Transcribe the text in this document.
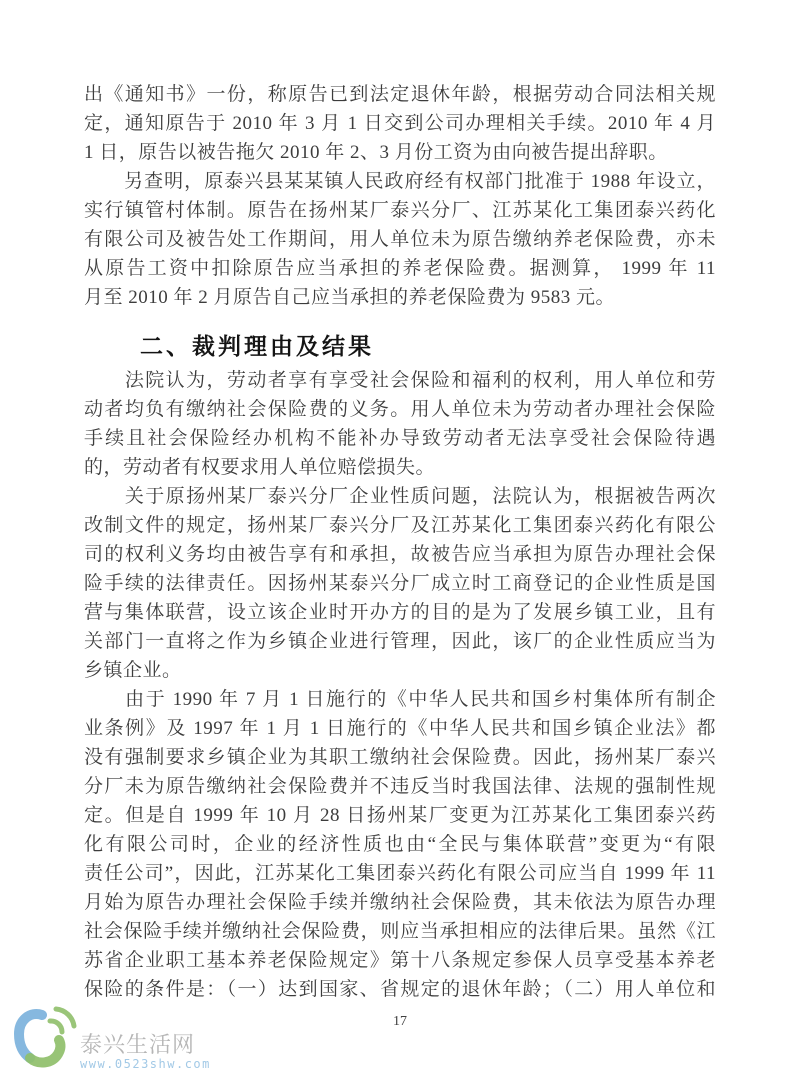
出《通知书》一份，称原告已到法定退休年龄，根据劳动合同法相关规
定，通知原告于 2010 年 3 月 1 日交到公司办理相关手续。2010 年 4 月
1 日，原告以被告拖欠 2010 年 2、3 月份工资为由向被告提出辞职。
　　另查明，原泰兴县某某镇人民政府经有权部门批准于 1988 年设立，
实行镇管村体制。原告在扬州某厂泰兴分厂、江苏某化工集团泰兴药化
有限公司及被告处工作期间，用人单位未为原告缴纳养老保险费，亦未
从原告工资中扣除原告应当承担的养老保险费。据测算， 1999 年 11
月至 2010 年 2 月原告自己应当承担的养老保险费为 9583 元。
二、裁判理由及结果
　　法院认为，劳动者享有享受社会保险和福利的权利，用人单位和劳
动者均负有缴纳社会保险费的义务。用人单位未为劳动者办理社会保险
手续且社会保险经办机构不能补办导致劳动者无法享受社会保险待遇
的，劳动者有权要求用人单位赔偿损失。
　　关于原扬州某厂泰兴分厂企业性质问题，法院认为，根据被告两次
改制文件的规定，扬州某厂泰兴分厂及江苏某化工集团泰兴药化有限公
司的权利义务均由被告享有和承担，故被告应当承担为原告办理社会保
险手续的法律责任。因扬州某泰兴分厂成立时工商登记的企业性质是国
营与集体联营，设立该企业时开办方的目的是为了发展乡镇工业，且有
关部门一直将之作为乡镇企业进行管理，因此，该厂的企业性质应当为
乡镇企业。
　　由于 1990 年 7 月 1 日施行的《中华人民共和国乡村集体所有制企
业条例》及 1997 年 1 月 1 日施行的《中华人民共和国乡镇企业法》都
没有强制要求乡镇企业为其职工缴纳社会保险费。因此，扬州某厂泰兴
分厂未为原告缴纳社会保险费并不违反当时我国法律、法规的强制性规
定。但是自 1999 年 10 月 28 日扬州某厂变更为江苏某化工集团泰兴药
化有限公司时，企业的经济性质也由“全民与集体联营”变更为“有限
责任公司”，因此，江苏某化工集团泰兴药化有限公司应当自 1999 年 11
月始为原告办理社会保险手续并缴纳社会保险费，其未依法为原告办理
社会保险手续并缴纳社会保险费，则应当承担相应的法律后果。虽然《江
苏省企业职工基本养老保险规定》第十八条规定参保人员享受基本养老
保险的条件是：（一）达到国家、省规定的退休年龄；（二）用人单位和
17
泰兴生活网
www.0523shw.com
